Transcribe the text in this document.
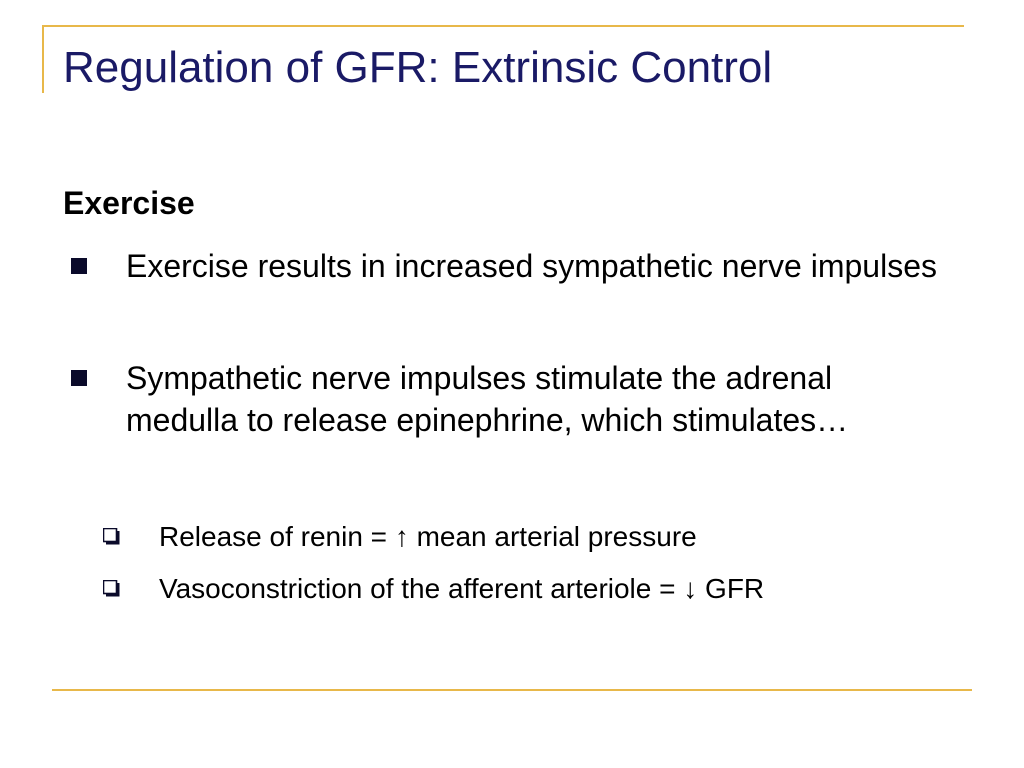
Regulation of GFR: Extrinsic Control
Exercise
Exercise results in increased sympathetic nerve impulses
Sympathetic nerve impulses stimulate the adrenal medulla to release epinephrine, which stimulates…
Release of renin = ↑ mean arterial pressure
Vasoconstriction of the afferent arteriole = ↓ GFR
